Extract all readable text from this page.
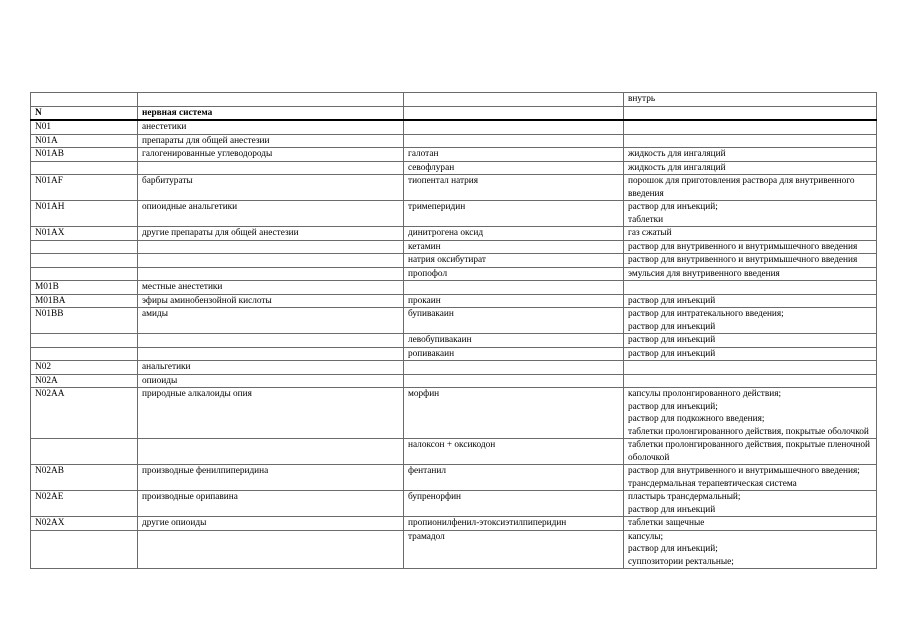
			внутрь

N	нервная система		
N01	анестетики		
N01A	препараты для общей анестезии		
N01AB	галогенированные углеводороды	галотан	жидкость для ингаляций

		севофлуран	жидкость для ингаляций

N01AF	барбитураты	тиопентал натрия	порошок для приготовления раствора для внутривенного введения

N01AH	опиоидные анальгетики	тримеперидин	раствор для инъекций;
таблетки

N01AX	другие препараты для общей анестезии	динитрогена оксид	газ сжатый

		кетамин	раствор для внутривенного и внутримышечного введения

		натрия оксибутират	раствор для внутривенного и внутримышечного введения

		пропофол	эмульсия для внутривенного введения

M01B	местные анестетики		
M01BA	эфиры аминобензойной кислоты	прокаин	раствор для инъекций

N01BB	амиды	бупивакаин	раствор для интратекального введения;
раствор для инъекций

		левобупивакаин	раствор для инъекций

		ропивакаин	раствор для инъекций

N02	анальгетики		
N02A	опиоиды		
N02AA	природные алкалоиды опия	морфин	капсулы пролонгированного действия;
раствор для инъекций;
раствор для подкожного введения;
таблетки пролонгированного действия, покрытые оболочкой

		налоксон + оксикодон	таблетки пролонгированного действия, покрытые пленочной оболочкой

N02AB	производные фенилпиперидина	фентанил	раствор для внутривенного и внутримышечного введения;
трансдермальная терапевтическая система

N02AE	производные орипавина	бупренорфин	пластырь трансдермальный;
раствор для инъекций

N02AX	другие опиоиды	пропионилфенил-этоксиэтилпиперидин	таблетки защечные

		трамадол	капсулы;
раствор для инъекций;
суппозитории ректальные;
